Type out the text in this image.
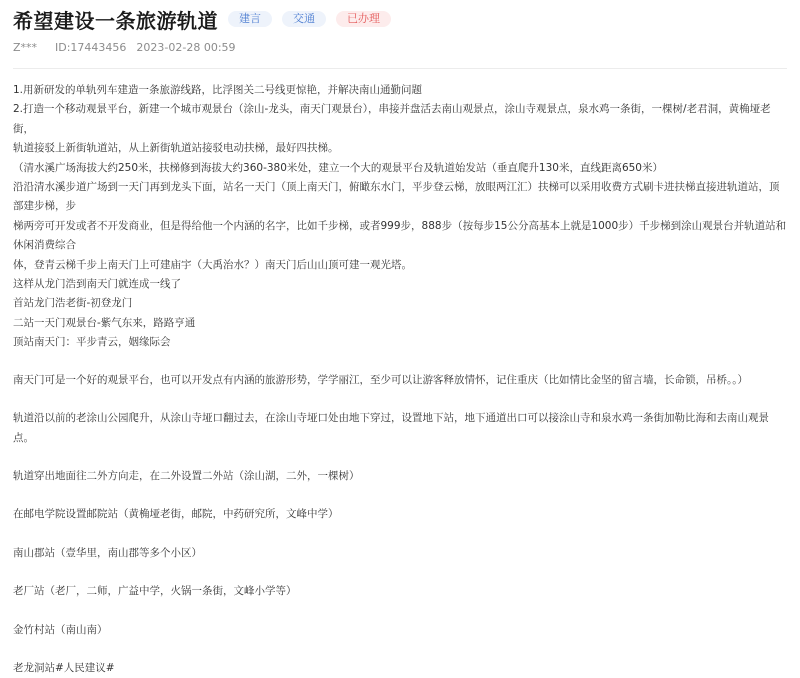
希望建设一条旅游轨道	建言	交通	已办理
Z***	ID:17443456 2023-02-28 00:59

1.用新研发的单轨列车建造一条旅游线路，比浮图关二号线更惊艳，并解决南山通勤问题

2.打造一个移动观景平台，新建一个城市观景台（涂山-龙头，南天门观景台），串接并盘活去南山观景点，涂山寺观景点，泉水鸡一条街，一棵树/老君洞，黄桷垭老街，

轨道接驳上新街轨道站，从上新街轨道站接驳电动扶梯，最好四扶梯。

（清水溪广场海拔大约250米，扶梯修到海拔大约360-380米处，建立一个大的观景平台及轨道始发站（垂直爬升130米，直线距离650米）

沿沿清水溪步道广场到一天门再到龙头下面，站名一天门（顶上南天门，俯瞰东水门，平步登云梯，放眼两江汇）扶梯可以采用收费方式刷卡进扶梯直接进轨道站，顶部建步梯，步

梯两旁可开发或者不开发商业，但是得给他一个内涵的名字，比如千步梯，或者999步，888步（按每步15公分高基本上就是1000步）千步梯到涂山观景台并轨道站和休闲消费综合

体，登青云梯千步上南天门上可建庙宇（大禹治水？）南天门后山山顶可建一观光塔。

这样从龙门浩到南天门就连成一线了

首站龙门浩老街-初登龙门

二站一天门观景台-紫气东来，路路亨通

顶站南天门：平步青云，姻缘际会

南天门可是一个好的观景平台，也可以开发点有内涵的旅游形势，学学丽江，至少可以让游客释放情怀，记住重庆（比如情比金坚的留言墙，长命锁，吊桥。。）

轨道沿以前的老涂山公园爬升，从涂山寺垭口翻过去，在涂山寺垭口处由地下穿过，设置地下站，地下通道出口可以接涂山寺和泉水鸡一条街加勒比海和去南山观景点。

轨道穿出地面往二外方向走，在二外设置二外站（涂山湖，二外，一棵树）

在邮电学院设置邮院站（黄桷垭老街，邮院，中药研究所，文峰中学）

南山郡站（壹华里，南山郡等多个小区）

老厂站（老厂，二师，广益中学，火锅一条街，文峰小学等）

金竹村站（南山南）

老龙洞站#人民建议#
